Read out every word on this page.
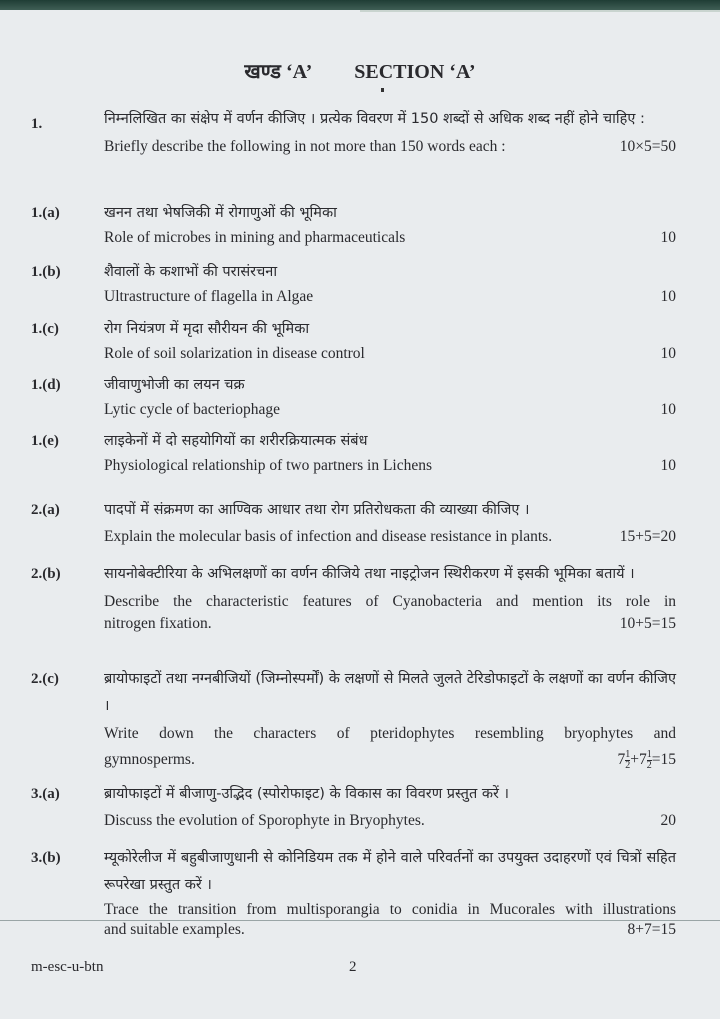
खण्ड ‘A’ SECTION ‘A’
1.	निम्नलिखित का संक्षेप में वर्णन कीजिए । प्रत्येक विवरण में 150 शब्दों से अधिक शब्द नहीं होने चाहिए :
Briefly describe the following in not more than 150 words each :	10×5=50
1.(a)	खनन तथा भेषजिकी में रोगाणुओं की भूमिका
Role of microbes in mining and pharmaceuticals	10
1.(b)	शैवालों के कशाभों की परासंरचना
Ultrastructure of flagella in Algae	10
1.(c)	रोग नियंत्रण में मृदा सौरीयन की भूमिका
Role of soil solarization in disease control	10
1.(d)	जीवाणुभोजी का लयन चक्र
Lytic cycle of bacteriophage	10
1.(e)	लाइकेनों में दो सहयोगियों का शरीरक्रियात्मक संबंध
Physiological relationship of two partners in Lichens	10
2.(a)	पादपों में संक्रमण का आण्विक आधार तथा रोग प्रतिरोधकता की व्याख्या कीजिए ।
Explain the molecular basis of infection and disease resistance in plants.	15+5=20
2.(b)	सायनोबेक्टीरिया के अभिलक्षणों का वर्णन कीजिये तथा नाइट्रोजन स्थिरीकरण में इसकी भूमिका बतायें ।
Describe the characteristic features of Cyanobacteria and mention its role in
nitrogen fixation.	10+5=15
2.(c)	ब्रायोफाइटों तथा नग्नबीजियों (जिम्नोस्पर्मों) के लक्षणों से मिलते जुलते टेरिडोफाइटों के लक्षणों का वर्णन कीजिए ।
Write down the characters of pteridophytes resembling bryophytes and
gymnosperms.	$7 \frac{1}{2} +7 \frac{1}{2} =15$
3.(a)	ब्रायोफाइटों में बीजाणु-उद्भिद (स्पोरोफाइट) के विकास का विवरण प्रस्तुत करें ।
Discuss the evolution of Sporophyte in Bryophytes.	20
3.(b)	म्यूकोरेलीज में बहुबीजाणुधानी से कोनिडियम तक में होने वाले परिवर्तनों का उपयुक्त उदाहरणों एवं चित्रों सहित रूपरेखा प्रस्तुत करें ।
Trace the transition from multisporangia to conidia in Mucorales with illustrations
and suitable examples.	8+7=15
m-esc-u-btn	2
